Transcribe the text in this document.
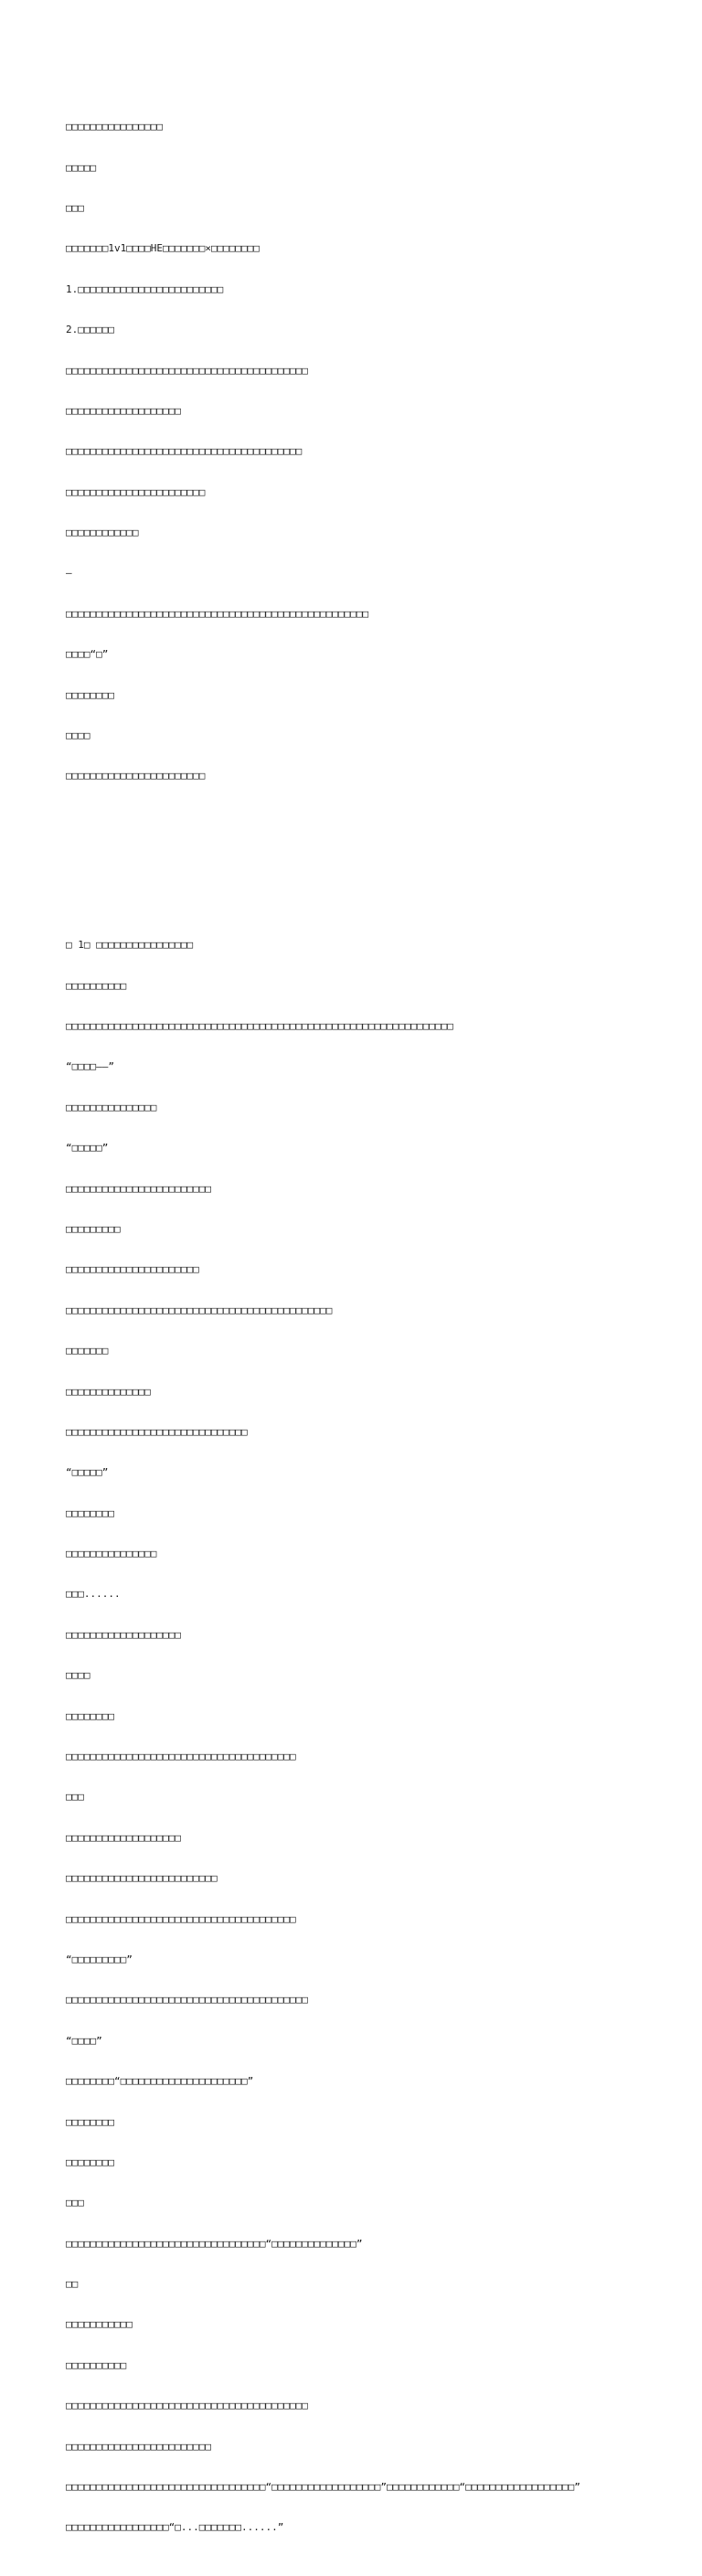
□□□□□□□□□□□□□□□□

□□□□□

□□□

□□□□□□□1v1□□□□HE□□□□□□□×□□□□□□□□

1.□□□□□□□□□□□□□□□□□□□□□□□□

2.□□□□□□

□□□□□□□□□□□□□□□□□□□□□□□□□□□□□□□□□□□□□□□□

□□□□□□□□□□□□□□□□□□□

□□□□□□□□□□□□□□□□□□□□□□□□□□□□□□□□□□□□□□□

□□□□□□□□□□□□□□□□□□□□□□□

□□□□□□□□□□□□

—

□□□□□□□□□□□□□□□□□□□□□□□□□□□□□□□□□□□□□□□□□□□□□□□□□□

□□□□“□”

□□□□□□□□

□□□□

□□□□□□□□□□□□□□□□□□□□□□□

□ 1□ □□□□□□□□□□□□□□□□

□□□□□□□□□□

□□□□□□□□□□□□□□□□□□□□□□□□□□□□□□□□□□□□□□□□□□□□□□□□□□□□□□□□□□□□□□□□

“□□□□——”

□□□□□□□□□□□□□□□

“□□□□□”

□□□□□□□□□□□□□□□□□□□□□□□□

□□□□□□□□□

□□□□□□□□□□□□□□□□□□□□□□

□□□□□□□□□□□□□□□□□□□□□□□□□□□□□□□□□□□□□□□□□□□□

□□□□□□□

□□□□□□□□□□□□□□

□□□□□□□□□□□□□□□□□□□□□□□□□□□□□□

“□□□□□”

□□□□□□□□

□□□□□□□□□□□□□□□

□□□......

□□□□□□□□□□□□□□□□□□□

□□□□

□□□□□□□□

□□□□□□□□□□□□□□□□□□□□□□□□□□□□□□□□□□□□□□

□□□

□□□□□□□□□□□□□□□□□□□

□□□□□□□□□□□□□□□□□□□□□□□□□

□□□□□□□□□□□□□□□□□□□□□□□□□□□□□□□□□□□□□□

“□□□□□□□□□”

□□□□□□□□□□□□□□□□□□□□□□□□□□□□□□□□□□□□□□□□

“□□□□”

□□□□□□□□“□□□□□□□□□□□□□□□□□□□□□”

□□□□□□□□

□□□□□□□□

□□□

□□□□□□□□□□□□□□□□□□□□□□□□□□□□□□□□□“□□□□□□□□□□□□□□”

□□

□□□□□□□□□□□

□□□□□□□□□□

□□□□□□□□□□□□□□□□□□□□□□□□□□□□□□□□□□□□□□□□

□□□□□□□□□□□□□□□□□□□□□□□□

□□□□□□□□□□□□□□□□□□□□□□□□□□□□□□□□□“□□□□□□□□□□□□□□□□□□”□□□□□□□□□□□□“□□□□□□□□□□□□□□□□□□”

□□□□□□□□□□□□□□□□□“□...□□□□□□□......”
